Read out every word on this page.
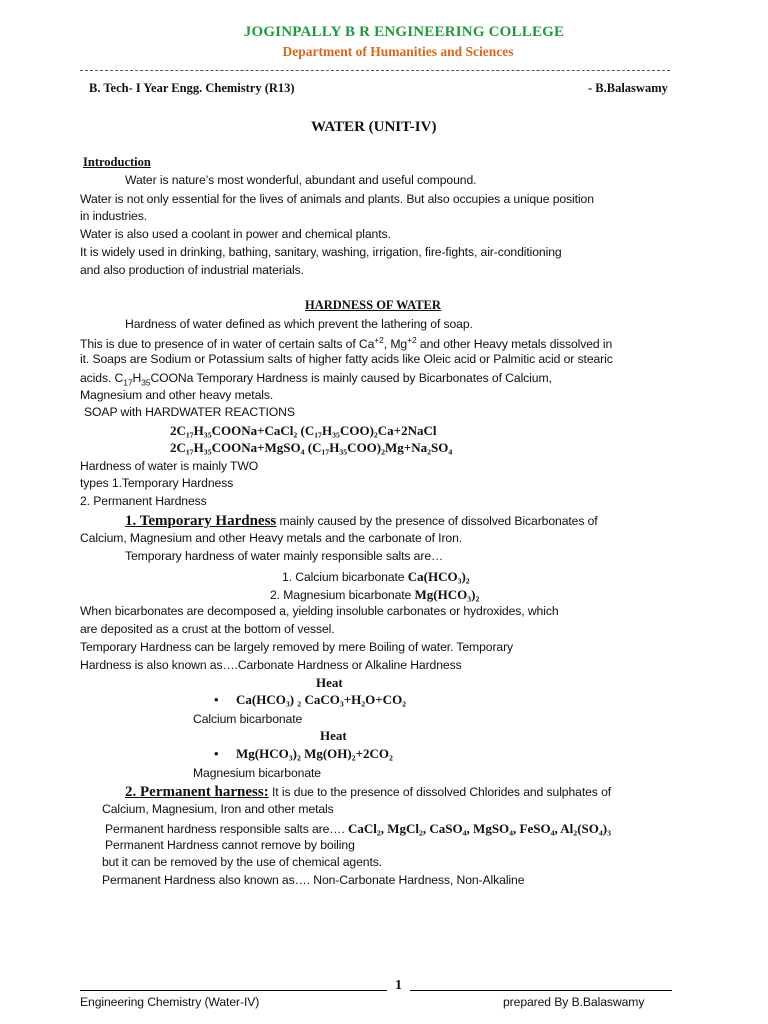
JOGINPALLY B R ENGINEERING COLLEGE
Department of Humanities and Sciences
B. Tech- I Year Engg. Chemistry (R13)	- B.Balaswamy
WATER (UNIT-IV)
Introduction
Water is nature’s most wonderful, abundant and useful compound.
Water is not only essential for the lives of animals and plants. But also occupies a unique position
in industries.
Water is also used a coolant in power and chemical plants.
It is widely used in drinking, bathing, sanitary, washing, irrigation, fire-fights, air-conditioning
and also production of industrial materials.
HARDNESS OF WATER
Hardness of water defined as which prevent the lathering of soap.
This is due to presence of in water of certain salts of $Ca^{+2}$, $Mg^{+2}$ and other Heavy metals dissolved in
it. Soaps are Sodium or Potassium salts of higher fatty acids like Oleic acid or Palmitic acid or stearic
acids. $C_{17}H_{35}COONa$ Temporary Hardness is mainly caused by Bicarbonates of Calcium,
Magnesium and other heavy metals.
SOAP with HARDWATER REACTIONS
2C₁₇H₃₅COONa+CaCl₂ (C₁₇H₃₅COO)₂Ca+2NaCl
2C₁₇H₃₅COONa+MgSO₄ (C₁₇H₃₅COO)₂Mg+Na₂SO₄
Hardness of water is mainly TWO
types 1.Temporary Hardness
2. Permanent Hardness
1. Temporary Hardness mainly caused by the presence of dissolved Bicarbonates of
Calcium, Magnesium and other Heavy metals and the carbonate of Iron.
Temporary hardness of water mainly responsible salts are…
1. Calcium bicarbonate Ca(HCO₃)₂
2. Magnesium bicarbonate Mg(HCO₃)₂
When bicarbonates are decomposed a, yielding insoluble carbonates or hydroxides, which
are deposited as a crust at the bottom of vessel.
Temporary Hardness can be largely removed by mere Boiling of water. Temporary
Hardness is also known as….Carbonate Hardness or Alkaline Hardness
Heat
• Ca(HCO₃) ₂ CaCO₃+H₂O+CO₂
Calcium bicarbonate
Heat
• Mg(HCO₃)₂ Mg(OH)₂+2CO₂
Magnesium bicarbonate
2. Permanent harness: It is due to the presence of dissolved Chlorides and sulphates of
Calcium, Magnesium, Iron and other metals
Permanent hardness responsible salts are…. CaCl₂, MgCl₂, CaSO₄, MgSO₄, FeSO₄, Al₂(SO₄)₃
Permanent Hardness cannot remove by boiling
but it can be removed by the use of chemical agents.
Permanent Hardness also known as…. Non-Carbonate Hardness, Non-Alkaline
1
Engineering Chemistry (Water-IV)	prepared By B.Balaswamy
